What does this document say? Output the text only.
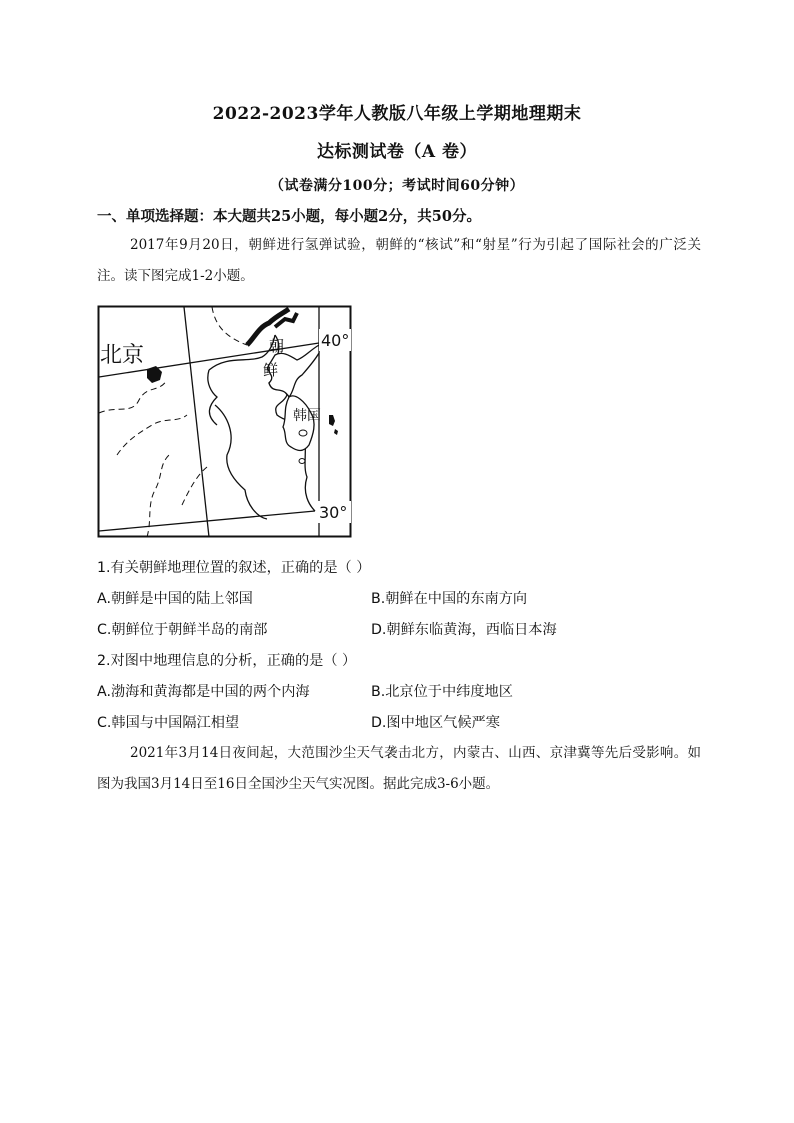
2022-2023学年人教版八年级上学期地理期末
达标测试卷（A 卷）
（试卷满分100分；考试时间60分钟）
一、单项选择题：本大题共25小题，每小题2分，共50分。
2017年9月20日，朝鲜进行氢弹试验，朝鲜的“核试”和“射星”行为引起了国际社会的广泛关注。读下图完成1-2小题。
北京	朝
鲜
韩国
40°
30°
1.有关朝鲜地理位置的叙述，正确的是（ ）
A.朝鲜是中国的陆上邻国	B.朝鲜在中国的东南方向
C.朝鲜位于朝鲜半岛的南部	D.朝鲜东临黄海，西临日本海
2.对图中地理信息的分析，正确的是（ ）
A.渤海和黄海都是中国的两个内海	B.北京位于中纬度地区
C.韩国与中国隔江相望	D.图中地区气候严寒
2021年3月14日夜间起，大范围沙尘天气袭击北方，内蒙古、山西、京津冀等先后受影响。如图为我国3月14日至16日全国沙尘天气实况图。据此完成3-6小题。
